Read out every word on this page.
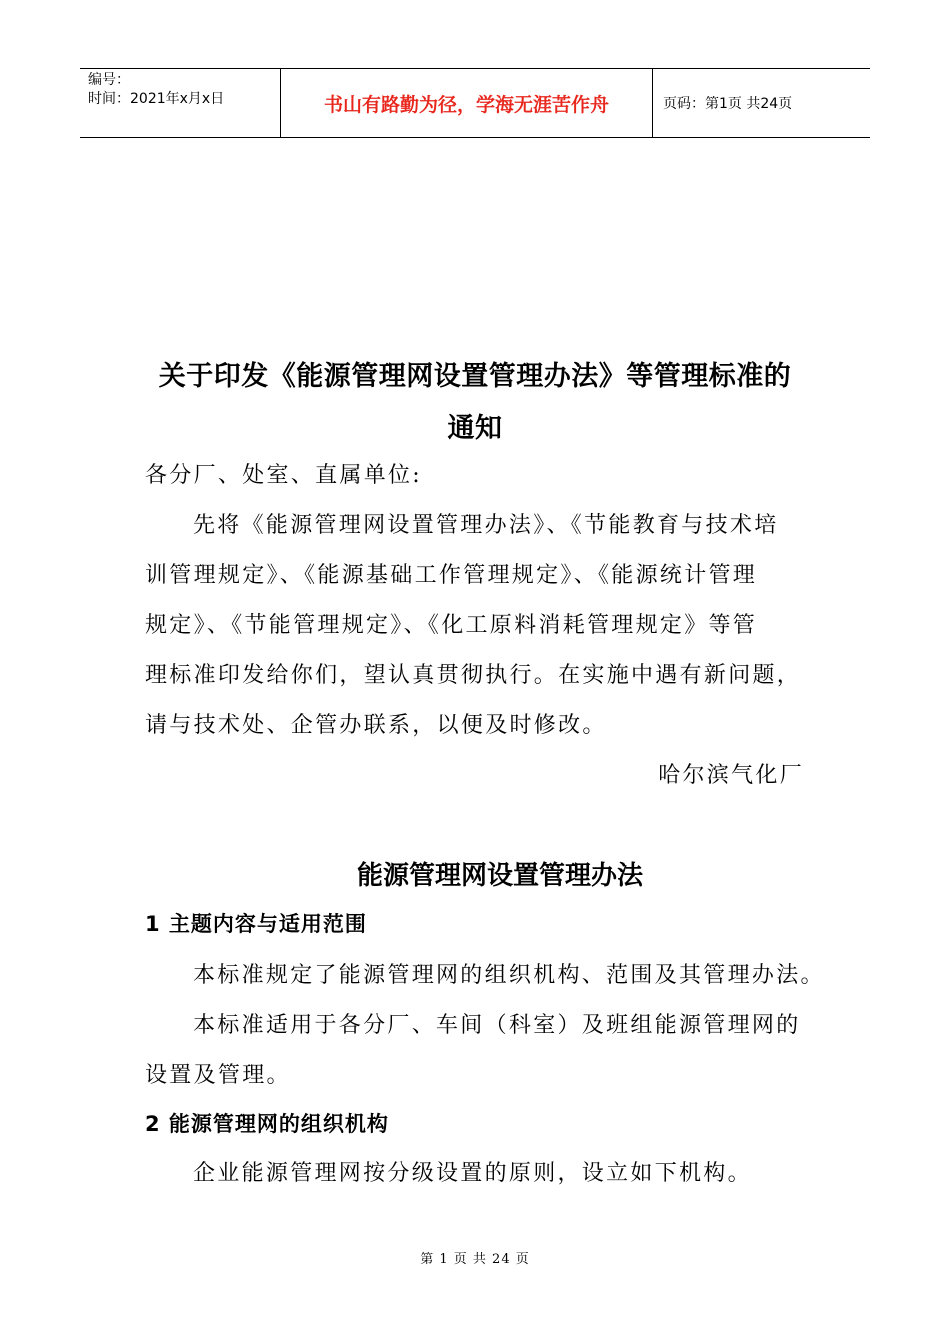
编号：
时间：2021年x月x日	书山有路勤为径，学海无涯苦作舟	页码：第1页 共24页
关于印发《能源管理网设置管理办法》等管理标准的
通知
各分厂、处室、直属单位:
先将《能源管理网设置管理办法》、《节能教育与技术培
训管理规定》、《能源基础工作管理规定》、《能源统计管理
规定》、《节能管理规定》、《化工原料消耗管理规定》等管
理标准印发给你们，望认真贯彻执行。在实施中遇有新问题，
请与技术处、企管办联系，以便及时修改。
哈尔滨气化厂
能源管理网设置管理办法
1 主题内容与适用范围
本标准规定了能源管理网的组织机构、范围及其管理办法。
本标准适用于各分厂、车间（科室）及班组能源管理网的
设置及管理。
2 能源管理网的组织机构
企业能源管理网按分级设置的原则，设立如下机构。
第 1 页 共 24 页
